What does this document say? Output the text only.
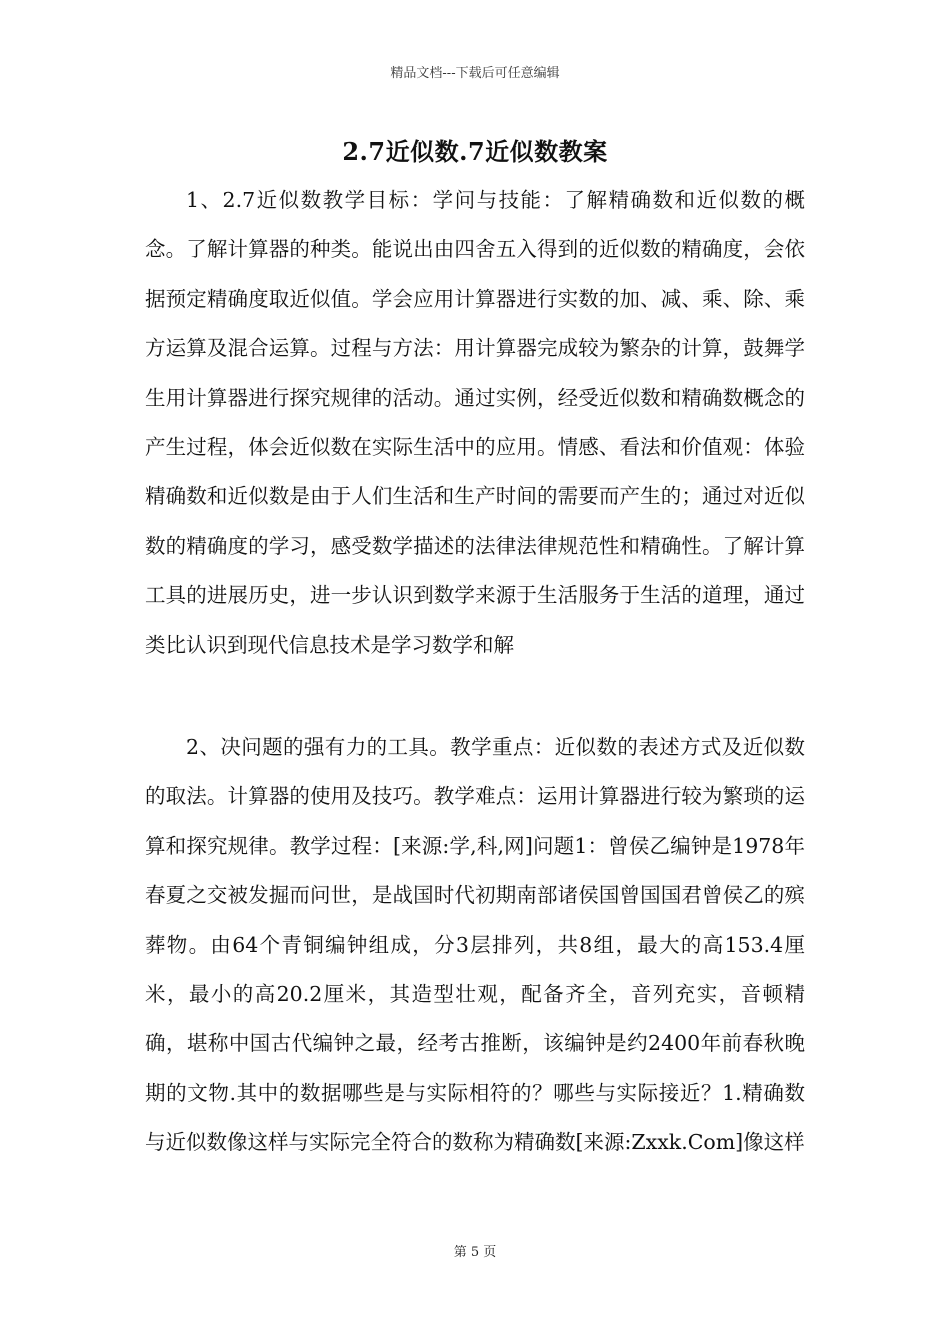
精品文档---下载后可任意编辑
2.7近似数.7近似数教案

1、2.7近似数教学目标：学问与技能：了解精确数和近似数的概念。了解计算器的种类。能说出由四舍五入得到的近似数的精确度，会依据预定精确度取近似值。学会应用计算器进行实数的加、减、乘、除、乘方运算及混合运算。过程与方法：用计算器完成较为繁杂的计算，鼓舞学生用计算器进行探究规律的活动。通过实例，经受近似数和精确数概念的产生过程，体会近似数在实际生活中的应用。情感、看法和价值观：体验精确数和近似数是由于人们生活和生产时间的需要而产生的；通过对近似数的精确度的学习，感受数学描述的法律法律规范性和精确性。了解计算工具的进展历史，进一步认识到数学来源于生活服务于生活的道理，通过类比认识到现代信息技术是学习数学和解

2、决问题的强有力的工具。教学重点：近似数的表述方式及近似数的取法。计算器的使用及技巧。教学难点：运用计算器进行较为繁琐的运算和探究规律。教学过程：[来源:学,科,网]问题1：曾侯乙编钟是1978年春夏之交被发掘而问世，是战国时代初期南部诸侯国曾国国君曾侯乙的殡葬物。由64个青铜编钟组成，分3层排列，共8组，最大的高153.4厘米，最小的高20.2厘米，其造型壮观，配备齐全，音列充实，音顿精确，堪称中国古代编钟之最，经考古推断，该编钟是约2400年前春秋晚期的文物.其中的数据哪些是与实际相符的？哪些与实际接近？1.精确数与近似数像这样与实际完全符合的数称为精确数[来源:Zxxk.Com]像这样

第 5 页
